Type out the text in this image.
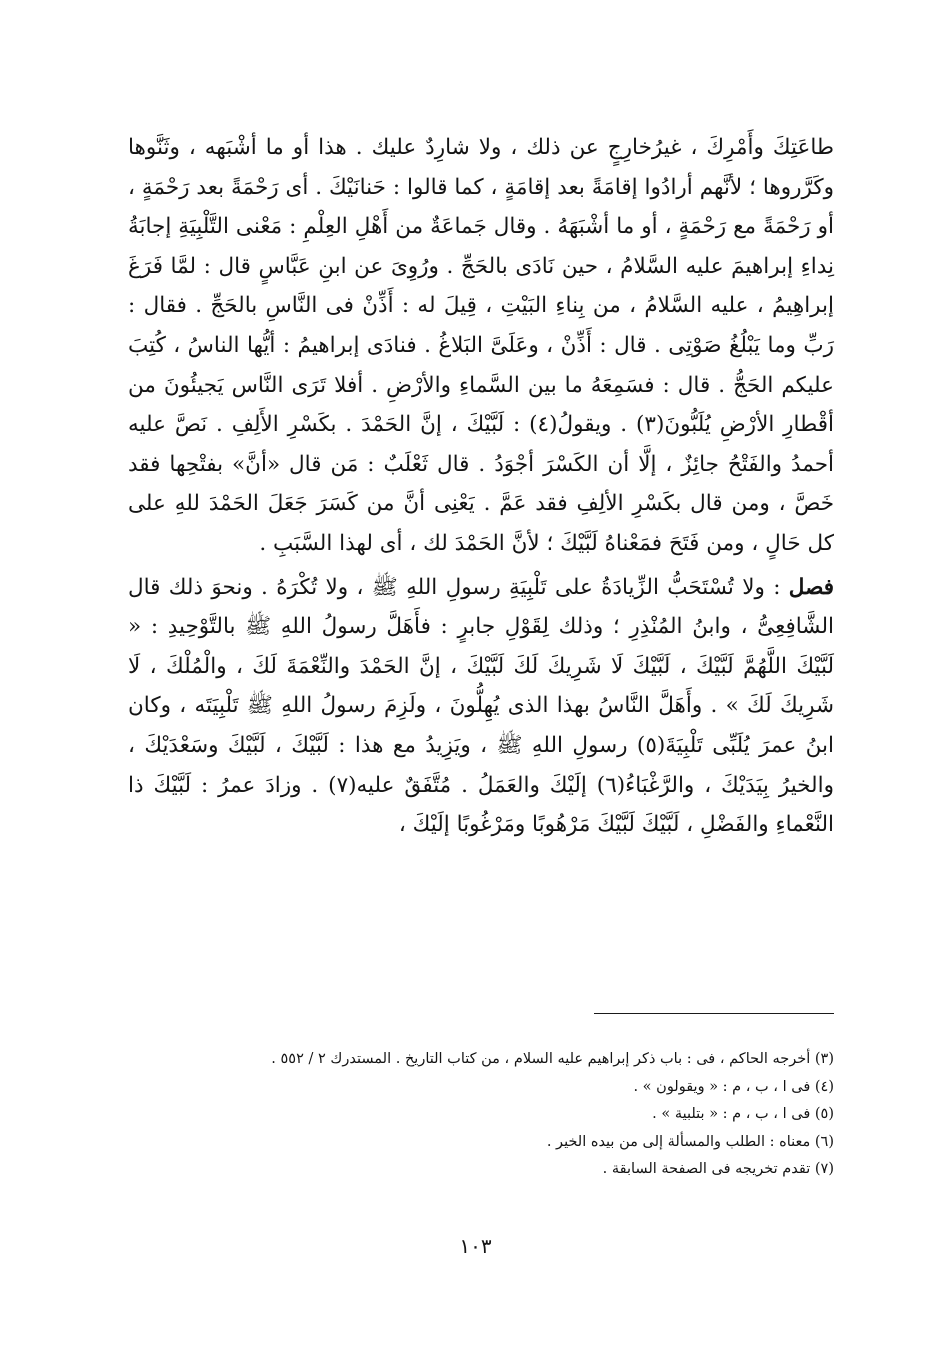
طاعَتِكَ وأَمْرِكَ ، غيرُخارِجٍ عن ذلك ، ولا شارِدٌ عليك . هذا أو ما أشْبَهه ، وثَنَّوها وكَرَّروها ؛ لأنَّهم أرادُوا إقامَةً بعد إقامَةٍ ، كما قالوا : حَنانَيْكَ . أى رَحْمَةً بعد رَحْمَةٍ ، أو رَحْمَةً مع رَحْمَةٍ ، أو ما أشْبَهَهُ . وقال جَماعَةٌ من أَهْلِ العِلْمِ : مَعْنى التَّلْبِيَةِ إجابَةُ نِداءِ إبراهيمَ عليه السَّلامُ ، حين نَادَى بالحَجِّ . ورُوِىَ عن ابنِ عَبَّاسٍ قال : لمَّا فَرَغَ إبراهِيمُ ، عليه السَّلامُ ، من بِناءِ البَيْتِ ، قِيلَ له : أَذِّنْ فى النَّاسِ بالحَجِّ . فقال : رَبِّ وما يَبْلُغُ صَوْتِى . قال : أَذِّنْ ، وعَلَىَّ البَلاغُ . فنادَى إبراهيمُ : أيُّها الناسُ ، كُتِبَ عليكم الحَجُّ . قال : فسَمِعَهُ ما بين السَّماءِ والأرْضِ . أفلا تَرَى النَّاس يَجيئُونَ من أقْطارِ الأرْضِ يُلَبُّونَ(٣) . ويقولُ(٤) : لَبَّيْكَ ، إنَّ الحَمْدَ . بكَسْرِ الأَلِفِ . نَصَّ عليه أحمدُ والفَتْحُ جائِزٌ ، إلَّا أن الكَسْرَ أجْوَدُ . قال ثَعْلَبٌ : مَن قال «أنَّ» بفتْحِها فقد خَصَّ ، ومن قال بكَسْرِ الألِفِ فقد عَمَّ . يَعْنِى أنَّ من كَسَرَ جَعَلَ الحَمْدَ للهِ على كل حَالٍ ، ومن فَتَحَ فمَعْناهُ لَبَّيْكَ ؛ لأنَّ الحَمْدَ لك ، أى لهذا السَّبَبِ .

فصل : ولا تُسْتَحَبُّ الزِّيادَةُ على تَلْبِيَةِ رسولِ اللهِ ﷺ ، ولا تُكْرَهُ . ونحوَ ذلك قال الشَّافِعِىُّ ، وابنُ المُنْذِرِ ؛ وذلك لِقَوْلِ جابرٍ : فأَهَلَّ رسولُ اللهِ ﷺ بالتَّوْحِيدِ : « لَبَّيْكَ اللَّهُمَّ لَبَّيْكَ ، لَبَّيْكَ لَا شَرِيكَ لَكَ لَبَّيْكَ ، إنَّ الحَمْدَ والنِّعْمَةَ لَكَ ، والْمُلْكَ ، لَا شَرِيكَ لَكَ » . وأَهَلَّ النَّاسُ بهذا الذى يُهِلُّونَ ، ولَزِمَ رسولُ اللهِ ﷺ تَلْبِيَتَه ، وكان ابنُ عمرَ يُلَبِّى تَلْبِيَةَ(٥) رسولِ اللهِ ﷺ ، ويَزِيدُ مع هذا : لَبَّيْكَ ، لَبَّيْكَ وسَعْدَيْكَ ، والخيرُ بِيَدَيْكَ ، والرَّغْبَاءُ(٦) إلَيْكَ والعَمَلُ . مُتَّفَقٌ عليه(٧) . وزادَ عمرُ : لَبَّيْكَ ذا النَّعْماءِ والفَضْلِ ، لَبَّيْكَ لَبَّيْكَ مَرْهُوبًا ومَرْغُوبًا إلَيْكَ ،

(٣) أخرجه الحاكم ، فى : باب ذكر إبراهيم عليه السلام ، من كتاب التاريخ . المستدرك ٢ / ٥٥٢ .
(٤) فى ا ، ب ، م : « ويقولون » .
(٥) فى ا ، ب ، م : « بتلبية » .
(٦) معناه : الطلب والمسألة إلى من بيده الخير .
(٧) تقدم تخريجه فى الصفحة السابقة .
١٠٣
